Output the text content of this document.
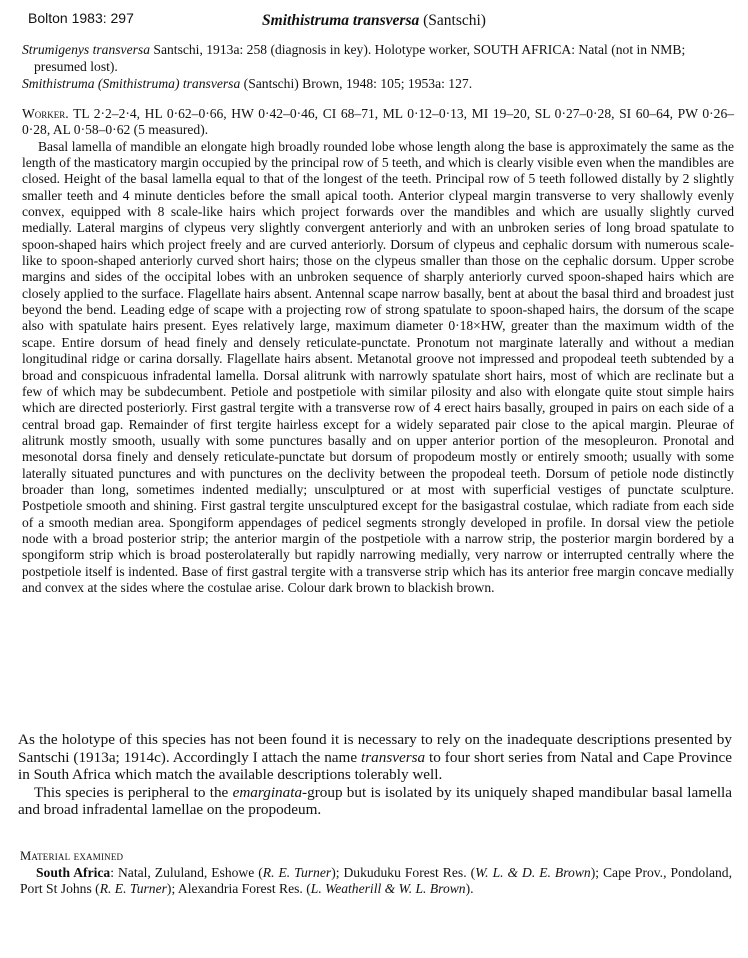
Bolton 1983: 297	Smithistruma transversa (Santschi)

Strumigenys transversa Santschi, 1913a: 258 (diagnosis in key). Holotype worker, SOUTH AFRICA: Natal (not in NMB; presumed lost).

Smithistruma (Smithistruma) transversa (Santschi) Brown, 1948: 105; 1953a: 127.

Worker. TL 2·2–2·4, HL 0·62–0·66, HW 0·42–0·46, CI 68–71, ML 0·12–0·13, MI 19–20, SL 0·27–0·28, SI 60–64, PW 0·26–0·28, AL 0·58–0·62 (5 measured).

Basal lamella of mandible an elongate high broadly rounded lobe whose length along the base is approximately the same as the length of the masticatory margin occupied by the principal row of 5 teeth, and which is clearly visible even when the mandibles are closed. Height of the basal lamella equal to that of the longest of the teeth. Principal row of 5 teeth followed distally by 2 slightly smaller teeth and 4 minute denticles before the small apical tooth. Anterior clypeal margin transverse to very shallowly evenly convex, equipped with 8 scale-like hairs which project forwards over the mandibles and which are usually slightly curved medially. Lateral margins of clypeus very slightly convergent anteriorly and with an unbroken series of long broad spatulate to spoon-shaped hairs which project freely and are curved anteriorly. Dorsum of clypeus and cephalic dorsum with numerous scale-like to spoon-shaped anteriorly curved short hairs; those on the clypeus smaller than those on the cephalic dorsum. Upper scrobe margins and sides of the occipital lobes with an unbroken sequence of sharply anteriorly curved spoon-shaped hairs which are closely applied to the surface. Flagellate hairs absent. Antennal scape narrow basally, bent at about the basal third and broadest just beyond the bend. Leading edge of scape with a projecting row of strong spatulate to spoon-shaped hairs, the dorsum of the scape also with spatulate hairs present. Eyes relatively large, maximum diameter 0·18×HW, greater than the maximum width of the scape. Entire dorsum of head finely and densely reticulate-punctate. Pronotum not marginate laterally and without a median longitudinal ridge or carina dorsally. Flagellate hairs absent. Metanotal groove not impressed and propodeal teeth subtended by a broad and conspicuous infradental lamella. Dorsal alitrunk with narrowly spatulate short hairs, most of which are reclinate but a few of which may be subdecumbent. Petiole and postpetiole with similar pilosity and also with elongate quite stout simple hairs which are directed posteriorly. First gastral tergite with a transverse row of 4 erect hairs basally, grouped in pairs on each side of a central broad gap. Remainder of first tergite hairless except for a widely separated pair close to the apical margin. Pleurae of alitrunk mostly smooth, usually with some punctures basally and on upper anterior portion of the mesopleuron. Pronotal and mesonotal dorsa finely and densely reticulate-punctate but dorsum of propodeum mostly or entirely smooth; usually with some laterally situated punctures and with punctures on the declivity between the propodeal teeth. Dorsum of petiole node distinctly broader than long, sometimes indented medially; unsculptured or at most with superficial vestiges of punctate sculpture. Postpetiole smooth and shining. First gastral tergite unsculptured except for the basigastral costulae, which radiate from each side of a smooth median area. Spongiform appendages of pedicel segments strongly developed in profile. In dorsal view the petiole node with a broad posterior strip; the anterior margin of the postpetiole with a narrow strip, the posterior margin bordered by a spongiform strip which is broad posterolaterally but rapidly narrowing medially, very narrow or interrupted centrally where the postpetiole itself is indented. Base of first gastral tergite with a transverse strip which has its anterior free margin concave medially and convex at the sides where the costulae arise. Colour dark brown to blackish brown.

As the holotype of this species has not been found it is necessary to rely on the inadequate descriptions presented by Santschi (1913a; 1914c). Accordingly I attach the name transversa to four short series from Natal and Cape Province in South Africa which match the available descriptions tolerably well.

This species is peripheral to the emarginata-group but is isolated by its uniquely shaped mandibular basal lamella and broad infradental lamellae on the propodeum.

Material examined

South Africa: Natal, Zululand, Eshowe (R. E. Turner); Dukuduku Forest Res. (W. L. & D. E. Brown); Cape Prov., Pondoland, Port St Johns (R. E. Turner); Alexandria Forest Res. (L. Weatherill & W. L. Brown).
